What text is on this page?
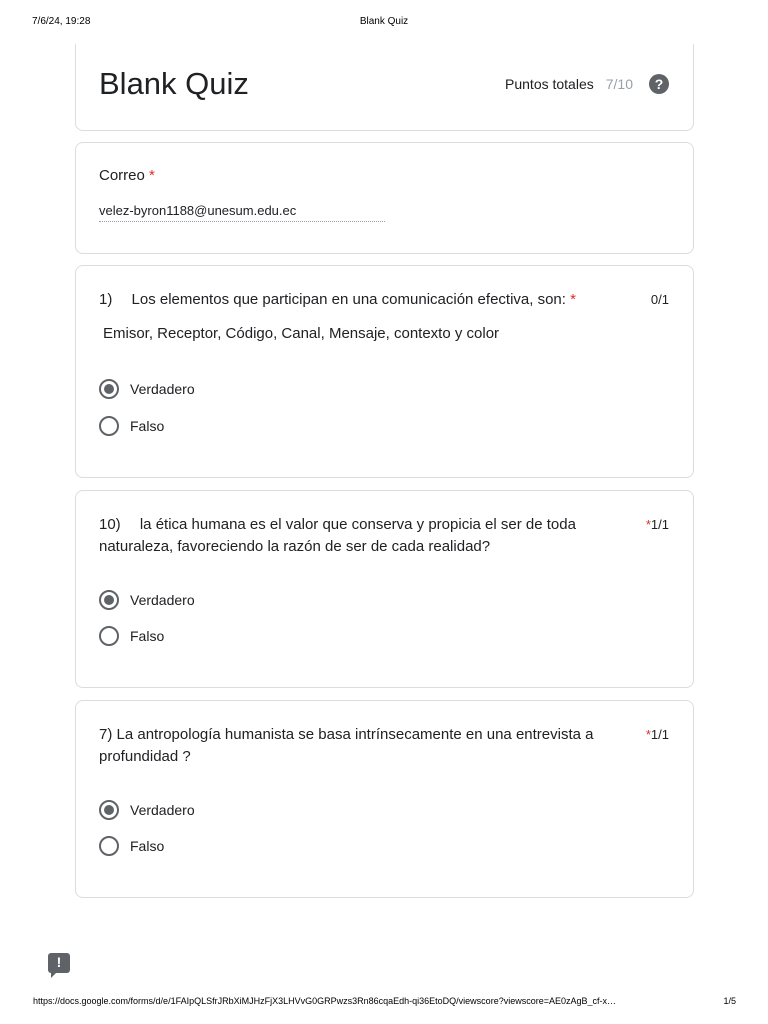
7/6/24, 19:28	Blank Quiz
Blank Quiz	Puntos totales 7/10	?
Correo *
velez-byron1188@unesum.edu.ec
1)  Los elementos que participan en una comunicación efectiva, son: *	0/1
Emisor, Receptor, Código, Canal, Mensaje, contexto y color
Verdadero
Falso
10)  la ética humana es el valor que conserva y propicia el ser de toda naturaleza, favoreciendo la razón de ser de cada realidad?
*1/1
Verdadero
Falso
7) La antropología humanista se basa intrínsecamente en una entrevista a profundidad ?
*1/1
Verdadero
Falso
!
https://docs.google.com/forms/d/e/1FAIpQLSfrJRbXiMJHzFjX3LHVvG0GRPwzs3Rn86cqaEdh-qi36EtoDQ/viewscore?viewscore=AE0zAgB_cf-x…	1/5
